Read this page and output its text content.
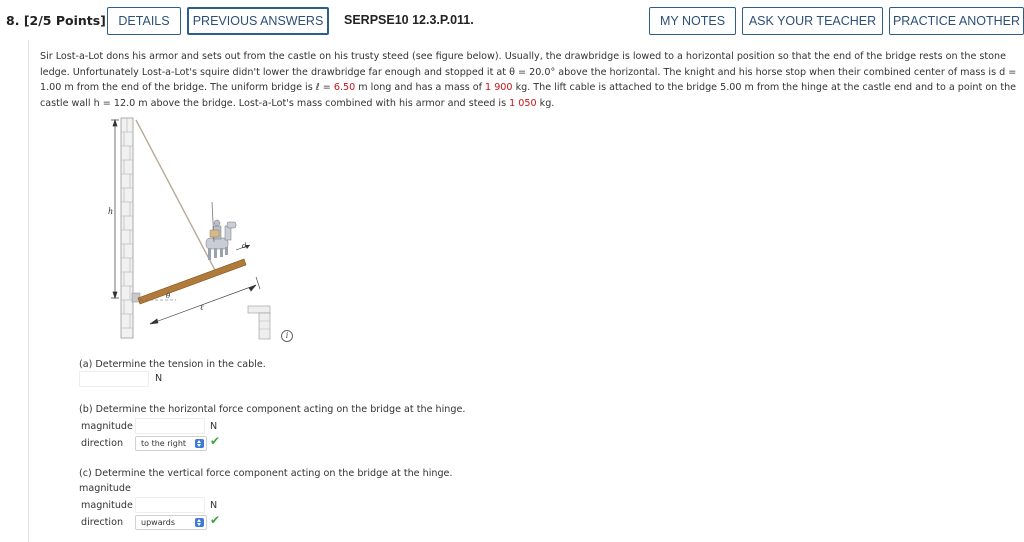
8. [2/5 Points]	DETAILS	PREVIOUS ANSWERS	SERPSE10 12.3.P.011.	MY NOTES	ASK YOUR TEACHER	PRACTICE ANOTHER

Sir Lost-a-Lot dons his armor and sets out from the castle on his trusty steed (see figure below). Usually, the drawbridge is lowed to a horizontal position so that the end of the bridge rests on the stone ledge. Unfortunately Lost-a-Lot's squire didn't lower the drawbridge far enough and stopped it at θ = 20.0° above the horizontal. The knight and his horse stop when their combined center of mass is d = 1.00 m from the end of the bridge. The uniform bridge is ℓ = 6.50 m long and has a mass of 1 900 kg. The lift cable is attached to the bridge 5.00 m from the hinge at the castle end and to a point on the castle wall h = 12.0 m above the bridge. Lost-a-Lot's mass combined with his armor and steed is 1 050 kg.

h
θ
d
ℓ
i
(a) Determine the tension in the cable.
N
(b) Determine the horizontal force component acting on the bridge at the hinge.
magnitude	N
direction to the right ✔
(c) Determine the vertical force component acting on the bridge at the hinge.
magnitude
magnitude	N
direction upwards	✔
